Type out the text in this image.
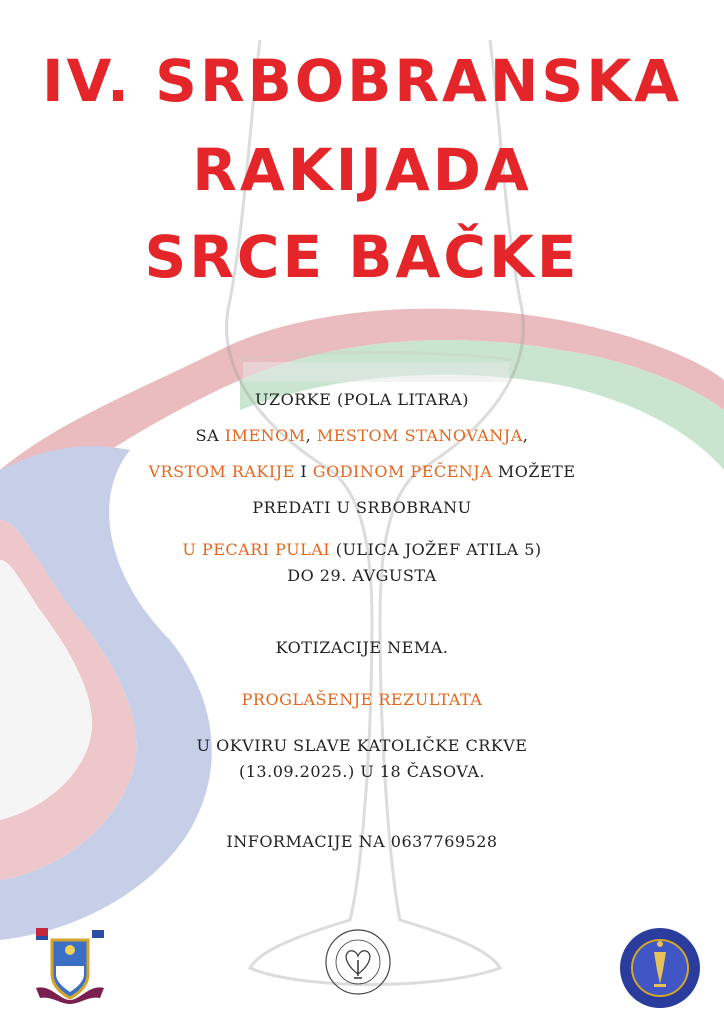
IV. SRBOBRANSKA
RAKIJADA
SRCE BAČKE
UZORKE (POLA LITARA)
SA IMENOM, MESTOM STANOVANJA,
VRSTOM RAKIJE I GODINOM PEČENJA MOŽETE
PREDATI U SRBOBRANU
U PECARI PULAI (ULICA JOŽEF ATILA 5)
DO 29. AVGUSTA
KOTIZACIJE NEMA.
PROGLAŠENJE REZULTATA
U OKVIRU SLAVE KATOLIČKE CRKVE
(13.09.2025.) U 18 ČASOVA.
INFORMACIJE NA 0637769528
